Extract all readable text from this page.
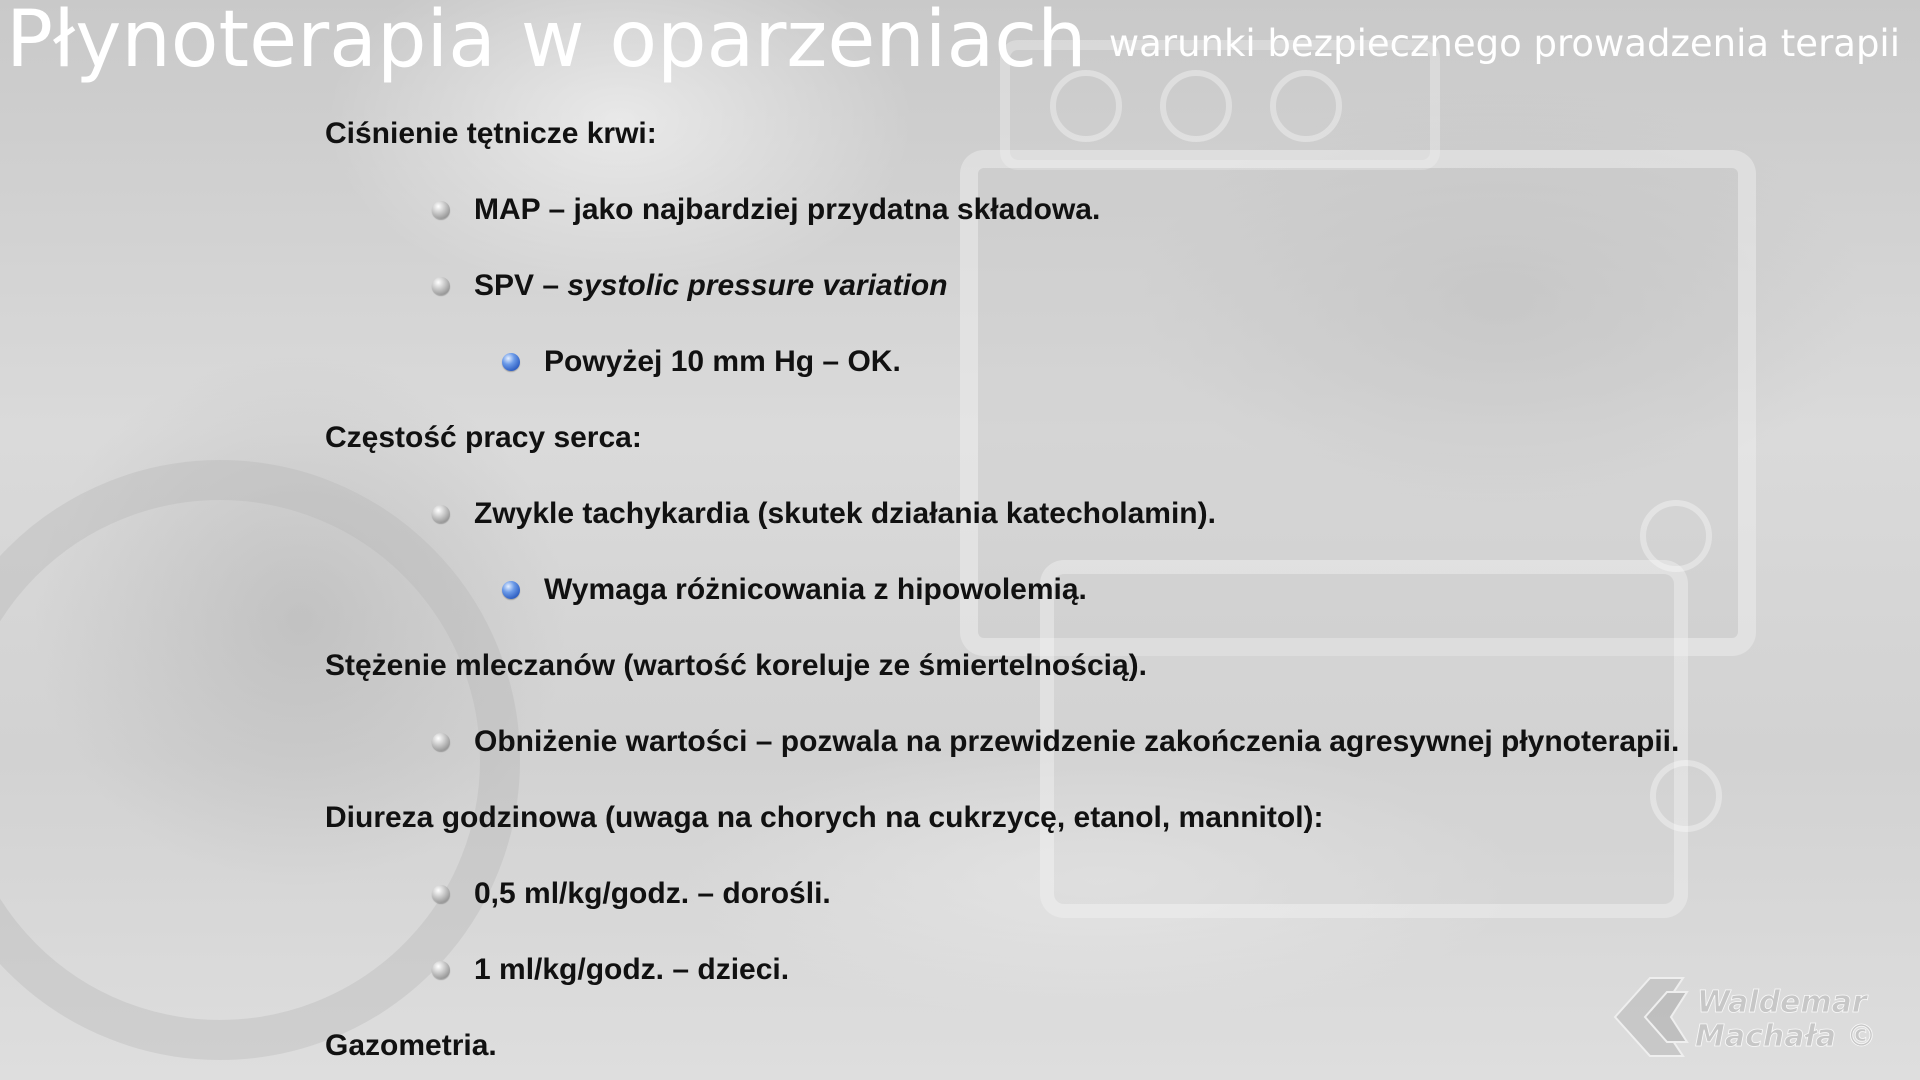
Płynoterapia w oparzeniach warunki bezpiecznego prowadzenia terapii
Ciśnienie tętnicze krwi:
MAP – jako najbardziej przydatna składowa.
SPV – systolic pressure variation
Powyżej 10 mm Hg – OK.
Częstość pracy serca:
Zwykle tachykardia (skutek działania katecholamin).
Wymaga różnicowania z hipowolemią.
Stężenie mleczanów (wartość koreluje ze śmiertelnością).
Obniżenie wartości – pozwala na przewidzenie zakończenia agresywnej płynoterapii.
Diureza godzinowa (uwaga na chorych na cukrzycę, etanol, mannitol):
0,5 ml/kg/godz. – dorośli.
1 ml/kg/godz. – dzieci.
Gazometria.
Waldemar
Machała ©
